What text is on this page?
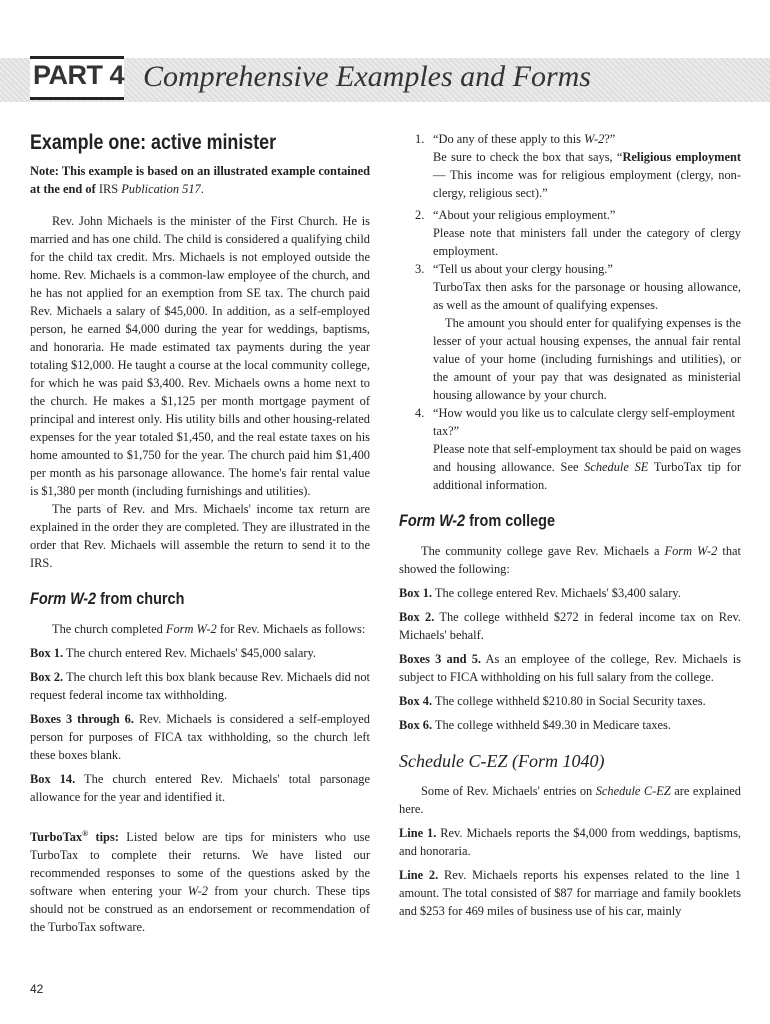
PART 4 Comprehensive Examples and Forms
Example one: active minister

Note: This example is based on an illustrated example contained at the end of IRS Publication 517.

Rev. John Michaels is the minister of the First Church. He is married and has one child. The child is considered a qualifying child for the child tax credit. Mrs. Michaels is not employed outside the home. Rev. Michaels is a common-law employee of the church, and he has not applied for an exemption from SE tax. The church paid Rev. Michaels a salary of $45,000. In addition, as a self-employed person, he earned $4,000 during the year for weddings, baptisms, and honoraria. He made estimated tax payments during the year totaling $12,000. He taught a course at the local community college, for which he was paid $3,400. Rev. Michaels owns a home next to the church. He makes a $1,125 per month mortgage payment of principal and interest only. His utility bills and other housing-related expenses for the year totaled $1,450, and the real estate taxes on his home amounted to $1,750 for the year. The church paid him $1,400 per month as his parsonage allowance. The home's fair rental value is $1,380 per month (including furnishings and utilities).

The parts of Rev. and Mrs. Michaels' income tax return are explained in the order they are completed. They are illustrated in the order that Rev. Michaels will assemble the return to send it to the IRS.

Form W-2 from church

The church completed Form W-2 for Rev. Michaels as follows:

Box 1. The church entered Rev. Michaels' $45,000 salary.

Box 2. The church left this box blank because Rev. Michaels did not request federal income tax withholding.

Boxes 3 through 6. Rev. Michaels is considered a self-employed person for purposes of FICA tax withholding, so the church left these boxes blank.

Box 14. The church entered Rev. Michaels' total parsonage allowance for the year and identified it.

TurboTax® tips: Listed below are tips for ministers who use TurboTax to complete their returns. We have listed our recommended responses to some of the questions asked by the software when entering your W-2 from your church. These tips should not be construed as an endorsement or recommendation of the TurboTax software.

1. “Do any of these apply to this W-2?”

Be sure to check the box that says, “Religious employment — This income was for religious employment (clergy, non-clergy, religious sect).”

2. “About your religious employment.”

Please note that ministers fall under the category of clergy employment.

3. “Tell us about your clergy housing.”

TurboTax then asks for the parsonage or housing allowance, as well as the amount of qualifying expenses.

The amount you should enter for qualifying expenses is the lesser of your actual housing expenses, the annual fair rental value of your home (including furnishings and utilities), or the amount of your pay that was designated as ministerial housing allowance by your church.

4. “How would you like us to calculate clergy self-employment tax?”

Please note that self-employment tax should be paid on wages and housing allowance. See Schedule SE TurboTax tip for additional information.

Form W-2 from college

The community college gave Rev. Michaels a Form W-2 that showed the following:

Box 1. The college entered Rev. Michaels' $3,400 salary.

Box 2. The college withheld $272 in federal income tax on Rev. Michaels' behalf.

Boxes 3 and 5. As an employee of the college, Rev. Michaels is subject to FICA withholding on his full salary from the college.

Box 4. The college withheld $210.80 in Social Security taxes.

Box 6. The college withheld $49.30 in Medicare taxes.

Schedule C-EZ (Form 1040)

Some of Rev. Michaels' entries on Schedule C-EZ are explained here.

Line 1. Rev. Michaels reports the $4,000 from weddings, baptisms, and honoraria.

Line 2. Rev. Michaels reports his expenses related to the line 1 amount. The total consisted of $87 for marriage and family booklets and $253 for 469 miles of business use of his car, mainly

42
